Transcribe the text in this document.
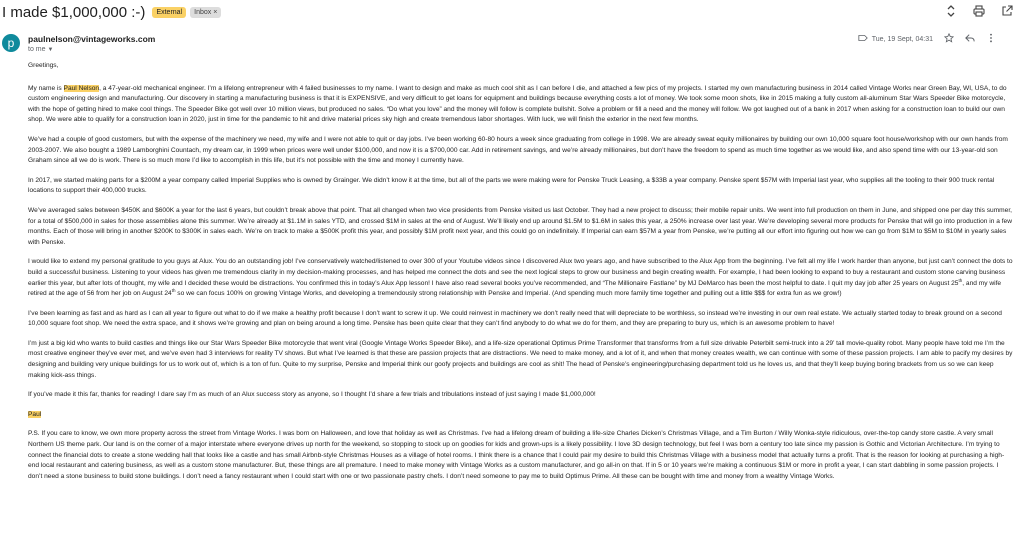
I made $1,000,000 :-)	External	Inbox ×
p	paulnelson@vintageworks.com
to me ▼
Tue, 19 Sept, 04:31

Greetings,

My name is Paul Nelson, a 47-year-old mechanical engineer. I’m a lifelong entrepreneur with 4 failed businesses to my name. I want to design and make as much cool shit as I can before I die, and attached a few pics of my projects. I started my own manufacturing business in 2014 called Vintage Works near Green Bay, WI, USA, to do custom engineering design and manufacturing. Our discovery in starting a manufacturing business is that it is EXPENSIVE, and very difficult to get loans for equipment and buildings because everything costs a lot of money. We took some moon shots, like in 2015 making a fully custom all-aluminum Star Wars Speeder Bike motorcycle, with the hope of getting hired to make cool things. The Speeder Bike got well over 10 million views, but produced no sales. “Do what you love” and the money will follow is complete bullshit. Solve a problem or fill a need and the money will follow. We got laughed out of a bank in 2017 when asking for a construction loan to build our own shop. We were able to qualify for a construction loan in 2020, just in time for the pandemic to hit and drive material prices sky high and create tremendous labor shortages. With luck, we will finish the exterior in the next few months.

We’ve had a couple of good customers, but with the expense of the machinery we need, my wife and I were not able to quit or day jobs. I’ve been working 60-80 hours a week since graduating from college in 1998. We are already sweat equity millionaires by building our own 10,000 square foot house/workshop with our own hands from 2003-2007. We also bought a 1989 Lamborghini Countach, my dream car, in 1999 when prices were well under $100,000, and now it is a $700,000 car. Add in retirement savings, and we’re already millionaires, but don’t have the freedom to spend as much time together as we would like, and also spend time with our 13-year-old son Graham since all we do is work. There is so much more I’d like to accomplish in this life, but it’s not possible with the time and money I currently have.

In 2017, we started making parts for a $200M a year company called Imperial Supplies who is owned by Grainger. We didn’t know it at the time, but all of the parts we were making were for Penske Truck Leasing, a $33B a year company. Penske spent $57M with Imperial last year, who supplies all the tooling to their 900 truck rental locations to support their 400,000 trucks.

We’ve averaged sales between $450K and $600K a year for the last 6 years, but couldn’t break above that point. That all changed when two vice presidents from Penske visited us last October. They had a new project to discuss; their mobile repair units. We went into full production on them in June, and shipped one per day this summer, for a total of $500,000 in sales for those assemblies alone this summer. We’re already at $1.1M in sales YTD, and crossed $1M in sales at the end of August. We’ll likely end up around $1.5M to $1.6M in sales this year, a 250% increase over last year. We’re developing several more products for Penske that will go into production in a few months. Each of those will bring in another $200K to $300K in sales each. We’re on track to make a $500K profit this year, and possibly $1M profit next year, and this could go on indefinitely. If Imperial can earn $57M a year from Penske, we’re putting all our effort into figuring out how we can go from $1M to $5M to $10M in yearly sales with Penske.

I would like to extend my personal gratitude to you guys at Alux. You do an outstanding job! I’ve conservatively watched/listened to over 300 of your Youtube videos since I discovered Alux two years ago, and have subscribed to the Alux App from the beginning. I’ve felt all my life I work harder than anyone, but just can’t connect the dots to build a successful business. Listening to your videos has given me tremendous clarity in my decision-making processes, and has helped me connect the dots and see the next logical steps to grow our business and begin creating wealth. For example, I had been looking to expand to buy a restaurant and custom stone carving business earlier this year, but after lots of thought, my wife and I decided these would be distractions. You confirmed this in today’s Alux App lesson! I have also read several books you’ve recommended, and “The Millionaire Fastlane” by MJ DeMarco has been the most helpful to date. I quit my day job after 25 years on August 25th, and my wife retired at the age of 56 from her job on August 24th so we can focus 100% on growing Vintage Works, and developing a tremendously strong relationship with Penske and Imperial. (And spending much more family time together and pulling out a little $$$ for extra fun as we grow!)

I’ve been learning as fast and as hard as I can all year to figure out what to do if we make a healthy profit because I don’t want to screw it up. We could reinvest in machinery we don’t really need that will depreciate to be worthless, so instead we’re investing in our own real estate. We actually started today to break ground on a second 10,000 square foot shop. We need the extra space, and it shows we’re growing and plan on being around a long time. Penske has been quite clear that they can’t find anybody to do what we do for them, and they are preparing to bury us, which is an awesome problem to have!

I’m just a big kid who wants to build castles and things like our Star Wars Speeder Bike motorcycle that went viral (Google Vintage Works Speeder Bike), and a life-size operational Optimus Prime Transformer that transforms from a full size drivable Peterbilt semi-truck into a 29’ tall movie-quality robot. Many people have told me I’m the most creative engineer they’ve ever met, and we’ve even had 3 interviews for reality TV shows. But what I’ve learned is that these are passion projects that are distractions. We need to make money, and a lot of it, and when that money creates wealth, we can continue with some of these passion projects. I am able to pacify my desires by designing and building very unique buildings for us to work out of, which is a ton of fun. Quite to my surprise, Penske and Imperial think our goofy projects and buildings are cool as shit! The head of Penske’s engineering/purchasing department told us he loves us, and that they’ll keep buying boring brackets from us so we can keep making kick-ass things.

If you’ve made it this far, thanks for reading! I dare say I’m as much of an Alux success story as anyone, so I thought I’d share a few trials and tribulations instead of just saying I made $1,000,000!

Paul

P.S. If you care to know, we own more property across the street from Vintage Works. I was born on Halloween, and love that holiday as well as Christmas. I’ve had a lifelong dream of building a life-size Charles Dicken’s Christmas Village, and a Tim Burton / Willy Wonka-style ridiculous, over-the-top candy store castle. A very small Northern US theme park. Our land is on the corner of a major interstate where everyone drives up north for the weekend, so stopping to stock up on goodies for kids and grown-ups is a likely possibility. I love 3D design technology, but feel I was born a century too late since my passion is Gothic and Victorian Architecture. I’m trying to connect the financial dots to create a stone wedding hall that looks like a castle and has small Airbnb-style Christmas Houses as a village of hotel rooms. I think there is a chance that I could pair my desire to build this Christmas Village with a business model that actually turns a profit. That is the reason for looking at purchasing a high-end local restaurant and catering business, as well as a custom stone manufacturer. But, these things are all premature. I need to make money with Vintage Works as a custom manufacturer, and go all-in on that. If in 5 or 10 years we’re making a continuous $1M or more in profit a year, I can start dabbling in some passion projects. I don’t need a stone business to build stone buildings. I don’t need a fancy restaurant when I could start with one or two passionate pastry chefs. I don’t need someone to pay me to build Optimus Prime. All these can be bought with time and money from a wealthy Vintage Works.
